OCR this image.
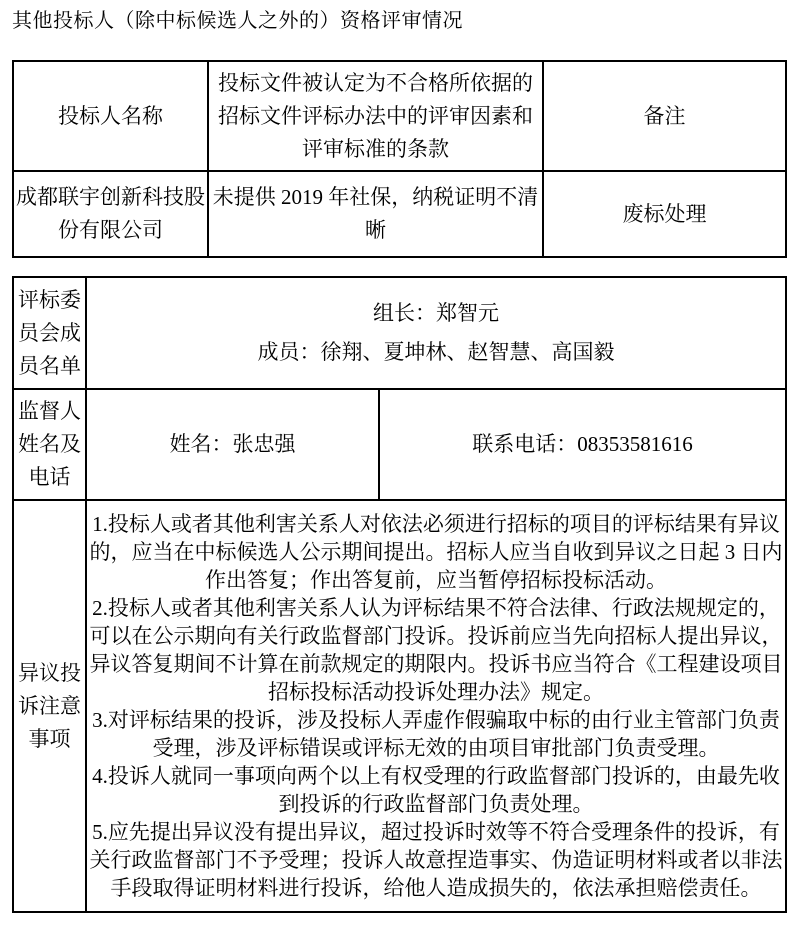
其他投标人（除中标候选人之外的）资格评审情况
投标人名称	投标文件被认定为不合格所依据的招标文件评标办法中的评审因素和评审标准的条款	备注
成都联宇创新科技股份有限公司	未提供 2019 年社保，纳税证明不清晰	废标处理
评标委员会成员名单	组长：郑智元

成员：徐翔、夏坤林、赵智慧、高国毅	

监督人姓名及电话	姓名：张忠强	联系电话：08353581616
异议投诉注意事项	1.投标人或者其他利害关系人对依法必须进行招标的项目的评标结果有异议的，应当在中标候选人公示期间提出。招标人应当自收到异议之日起 3 日内作出答复；作出答复前，应当暂停招标投标活动。

2.投标人或者其他利害关系人认为评标结果不符合法律、行政法规规定的，可以在公示期向有关行政监督部门投诉。投诉前应当先向招标人提出异议，异议答复期间不计算在前款规定的期限内。投诉书应当符合《工程建设项目招标投标活动投诉处理办法》规定。

3.对评标结果的投诉，涉及投标人弄虚作假骗取中标的由行业主管部门负责受理，涉及评标错误或评标无效的由项目审批部门负责受理。

4.投诉人就同一事项向两个以上有权受理的行政监督部门投诉的，由最先收到投诉的行政监督部门负责处理。

5.应先提出异议没有提出异议，超过投诉时效等不符合受理条件的投诉，有关行政监督部门不予受理；投诉人故意捏造事实、伪造证明材料或者以非法手段取得证明材料进行投诉，给他人造成损失的，依法承担赔偿责任。	
